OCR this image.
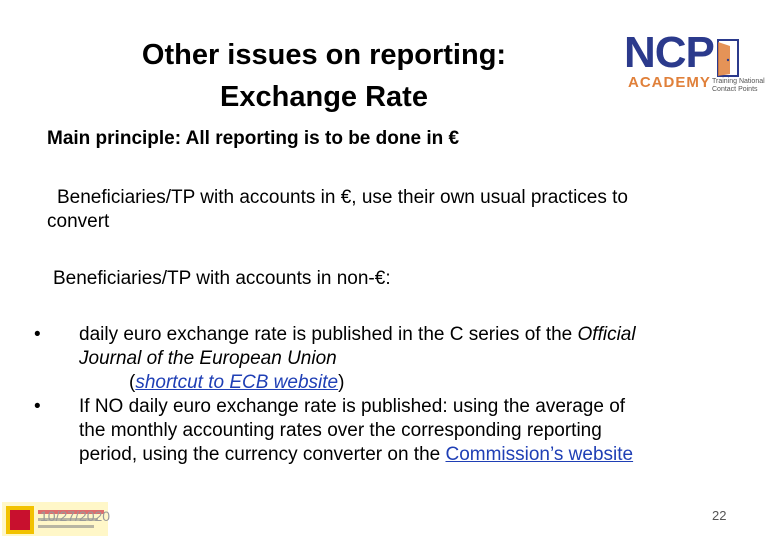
Other issues on reporting:
Exchange Rate
NCP
ACADEMY Training National Contact Points
Main principle: All reporting is to be done in €
Beneficiaries/TP with accounts in €, use their own usual practices to
convert
Beneficiaries/TP with accounts in non-€:
•	daily euro exchange rate is published in the C series of the Official
Journal of the European Union
(shortcut to ECB website)
•	If NO daily euro exchange rate is published: using the average of
the monthly accounting rates over the corresponding reporting
period, using the currency converter on the Commission’s website
10/27/2020	22
